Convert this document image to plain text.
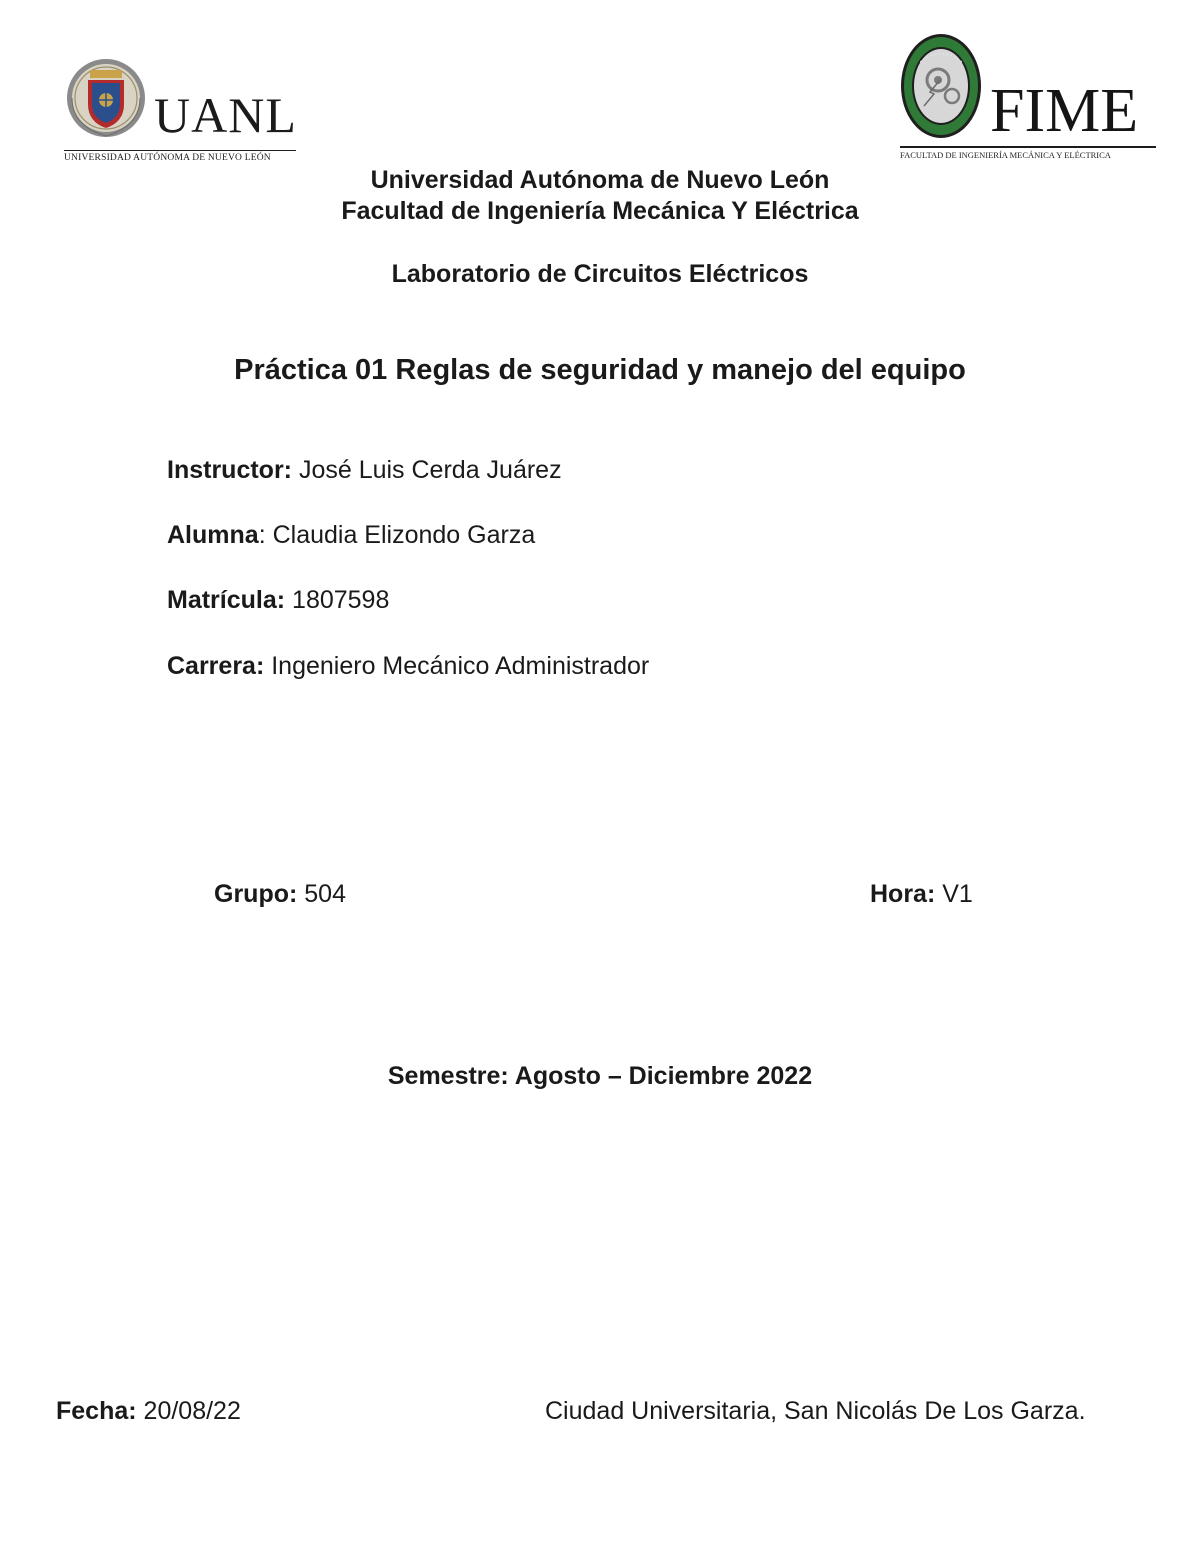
UANL
UNIVERSIDAD AUTÓNOMA DE NUEVO LEÓN
FIME
FACULTAD DE INGENIERÍA MECÁNICA Y ELÉCTRICA
Universidad Autónoma de Nuevo León
Facultad de Ingeniería Mecánica Y Eléctrica
Laboratorio de Circuitos Eléctricos
Práctica 01 Reglas de seguridad y manejo del equipo
Instructor: José Luis Cerda Juárez
Alumna: Claudia Elizondo Garza
Matrícula: 1807598
Carrera: Ingeniero Mecánico Administrador
Grupo: 504	Hora: V1
Semestre: Agosto – Diciembre 2022
Fecha: 20/08/22	Ciudad Universitaria, San Nicolás De Los Garza.
